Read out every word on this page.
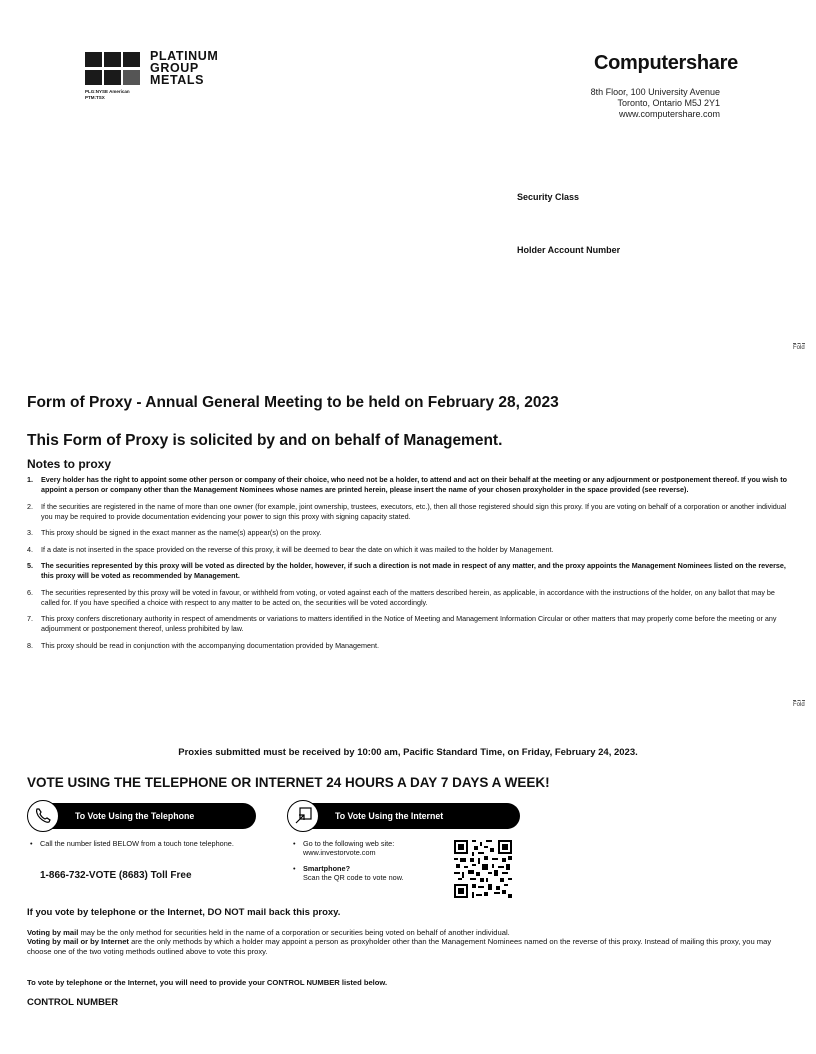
PLATINUM
GROUP
METALS
PLG:NYSE American
PTM:TSX
Computershare
8th Floor, 100 University Avenue
Toronto, Ontario M5J 2Y1
www.computershare.com
Security Class
Holder Account Number
Fold
Fold
Form of Proxy - Annual General Meeting to be held on February 28, 2023
This Form of Proxy is solicited by and on behalf of Management.
Notes to proxy
1. Every holder has the right to appoint some other person or company of their choice, who need not be a holder, to attend and act on their behalf at the meeting or any adjournment or postponement thereof. If you wish to appoint a person or company other than the Management Nominees whose names are printed herein, please insert the name of your chosen proxyholder in the space provided (see reverse).
2. If the securities are registered in the name of more than one owner (for example, joint ownership, trustees, executors, etc.), then all those registered should sign this proxy. If you are voting on behalf of a corporation or another individual you may be required to provide documentation evidencing your power to sign this proxy with signing capacity stated.
3. This proxy should be signed in the exact manner as the name(s) appear(s) on the proxy.
4. If a date is not inserted in the space provided on the reverse of this proxy, it will be deemed to bear the date on which it was mailed to the holder by Management.
5. The securities represented by this proxy will be voted as directed by the holder, however, if such a direction is not made in respect of any matter, and the proxy appoints the Management Nominees listed on the reverse, this proxy will be voted as recommended by Management.
6. The securities represented by this proxy will be voted in favour, or withheld from voting, or voted against each of the matters described herein, as applicable, in accordance with the instructions of the holder, on any ballot that may be called for. If you have specified a choice with respect to any matter to be acted on, the securities will be voted accordingly.
7. This proxy confers discretionary authority in respect of amendments or variations to matters identified in the Notice of Meeting and Management Information Circular or other matters that may properly come before the meeting or any adjournment or postponement thereof, unless prohibited by law.
8. This proxy should be read in conjunction with the accompanying documentation provided by Management.
Proxies submitted must be received by 10:00 am, Pacific Standard Time, on Friday, February 24, 2023.
VOTE USING THE TELEPHONE OR INTERNET 24 HOURS A DAY 7 DAYS A WEEK!
To Vote Using the Telephone
• Call the number listed BELOW from a touch tone telephone.
1-866-732-VOTE (8683) Toll Free
To Vote Using the Internet
• Go to the following web site: www.investorvote.com
• Smartphone?
Scan the QR code to vote now.
If you vote by telephone or the Internet, DO NOT mail back this proxy.
Voting by mail may be the only method for securities held in the name of a corporation or securities being voted on behalf of another individual.
Voting by mail or by Internet are the only methods by which a holder may appoint a person as proxyholder other than the Management Nominees named on the reverse of this proxy. Instead of mailing this proxy, you may choose one of the two voting methods outlined above to vote this proxy.
To vote by telephone or the Internet, you will need to provide your CONTROL NUMBER listed below.
CONTROL NUMBER
